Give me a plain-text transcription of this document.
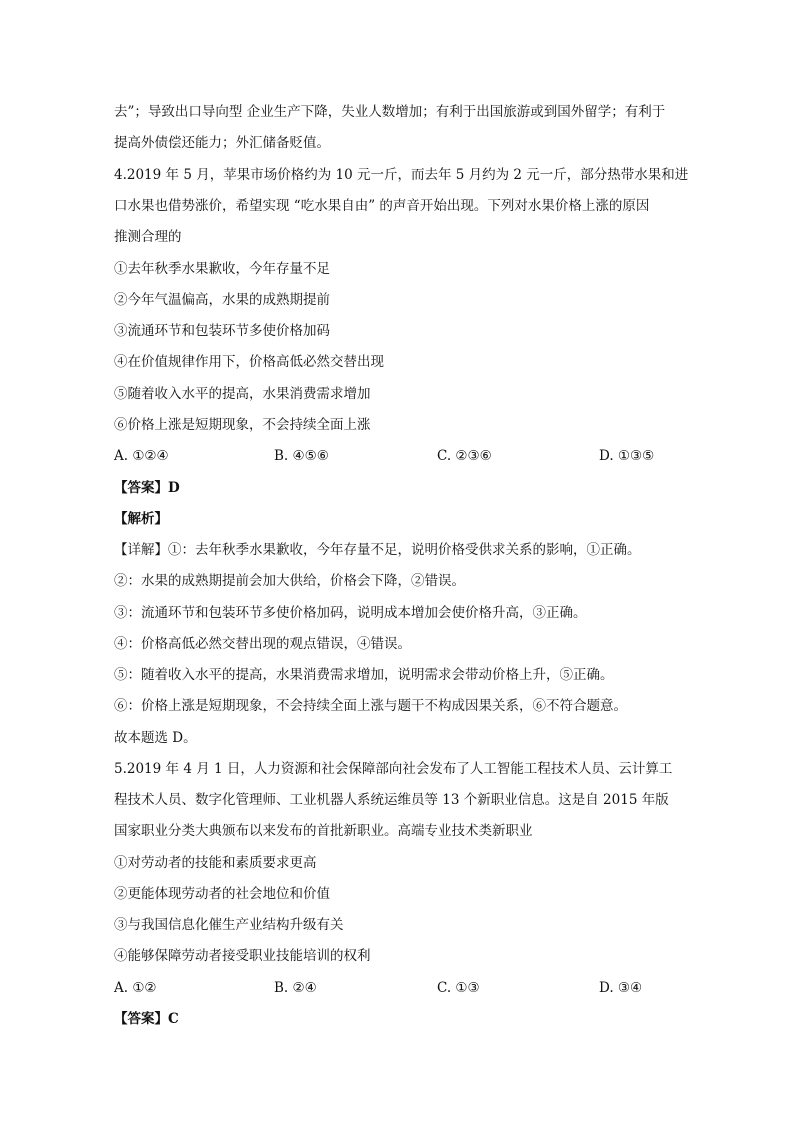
去”；导致出口导向型 企业生产下降，失业人数增加；有利于出国旅游或到国外留学；有利于
提高外债偿还能力；外汇储备贬值。
4.2019 年 5 月，苹果市场价格约为 10 元一斤，而去年 5 月约为 2 元一斤，部分热带水果和进
口水果也借势涨价，希望实现 “吃水果自由” 的声音开始出现。下列对水果价格上涨的原因
推测合理的
①去年秋季水果歉收，今年存量不足
②今年气温偏高，水果的成熟期提前
③流通环节和包装环节多使价格加码
④在价值规律作用下，价格高低必然交替出现
⑤随着收入水平的提高，水果消费需求增加
⑥价格上涨是短期现象，不会持续全面上涨
A. ①②④	B. ④⑤⑥	C. ②③⑥	D. ①③⑤
【答案】D
【解析】
【详解】①：去年秋季水果歉收，今年存量不足，说明价格受供求关系的影响，①正确。
②：水果的成熟期提前会加大供给，价格会下降，②错误。
③：流通环节和包装环节多使价格加码，说明成本增加会使价格升高，③正确。
④：价格高低必然交替出现的观点错误，④错误。
⑤：随着收入水平的提高，水果消费需求增加，说明需求会带动价格上升，⑤正确。
⑥：价格上涨是短期现象，不会持续全面上涨与题干不构成因果关系，⑥不符合题意。
故本题选 D。
5.2019 年 4 月 1 日，人力资源和社会保障部向社会发布了人工智能工程技术人员、云计算工
程技术人员、数字化管理师、工业机器人系统运维员等 13 个新职业信息。这是自 2015 年版
国家职业分类大典颁布以来发布的首批新职业。高端专业技术类新职业
①对劳动者的技能和素质要求更高
②更能体现劳动者的社会地位和价值
③与我国信息化催生产业结构升级有关
④能够保障劳动者接受职业技能培训的权利
A. ①②	B. ②④	C. ①③	D. ③④
【答案】C
